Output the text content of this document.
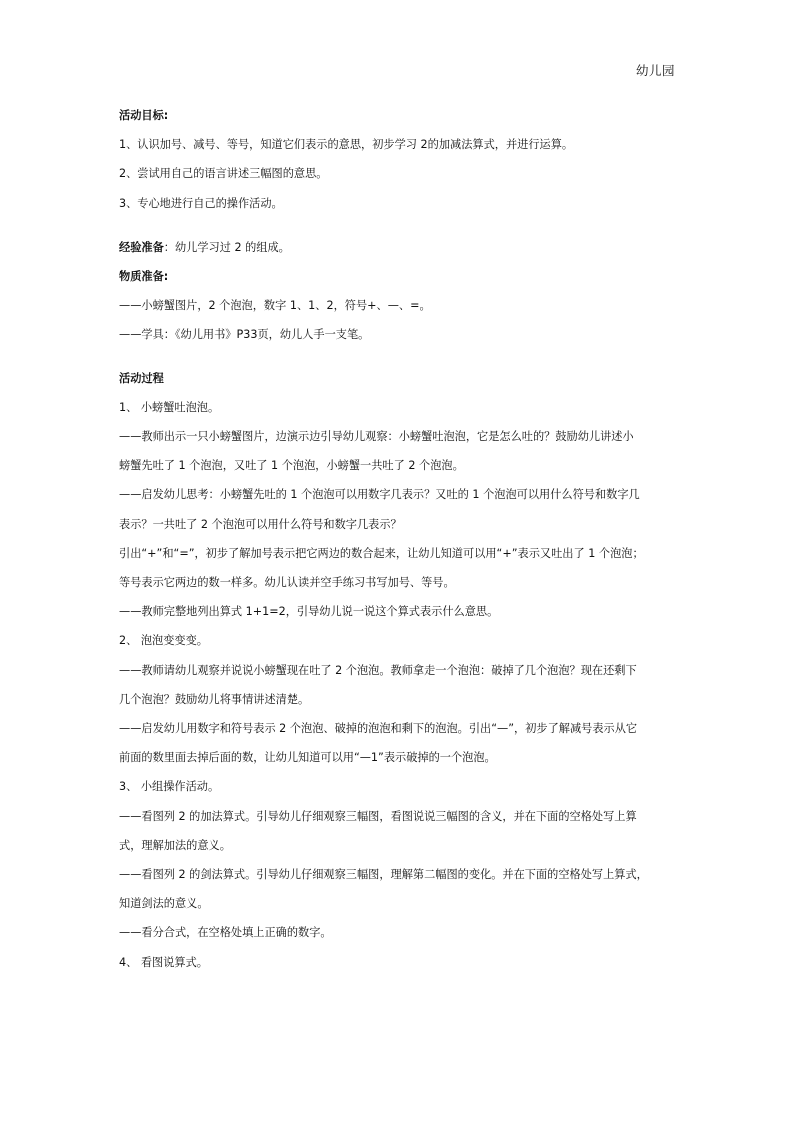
幼儿园
活动目标:
1、认识加号、减号、等号，知道它们表示的意思，初步学习 2的加减法算式，并进行运算。
2、尝试用自己的语言讲述三幅图的意思。
3、专心地进行自己的操作活动。
经验准备：幼儿学习过 2 的组成。
物质准备:
——小螃蟹图片，2 个泡泡，数字 1、1、2，符号+、—、=。
——学具：《幼儿用书》P33页，幼儿人手一支笔。
活动过程
1、 小螃蟹吐泡泡。
——教师出示一只小螃蟹图片，边演示边引导幼儿观察：小螃蟹吐泡泡，它是怎么吐的？鼓励幼儿讲述小
螃蟹先吐了 1 个泡泡，又吐了 1 个泡泡，小螃蟹一共吐了 2 个泡泡。
——启发幼儿思考：小螃蟹先吐的 1 个泡泡可以用数字几表示？又吐的 1 个泡泡可以用什么符号和数字几
表示？一共吐了 2 个泡泡可以用什么符号和数字几表示？
引出“+”和“=”，初步了解加号表示把它两边的数合起来，让幼儿知道可以用“+”表示又吐出了 1 个泡泡；
等号表示它两边的数一样多。幼儿认读并空手练习书写加号、等号。
——教师完整地列出算式 1+1=2，引导幼儿说一说这个算式表示什么意思。
2、 泡泡变变变。
——教师请幼儿观察并说说小螃蟹现在吐了 2 个泡泡。教师拿走一个泡泡：破掉了几个泡泡？现在还剩下
几个泡泡？鼓励幼儿将事情讲述清楚。
——启发幼儿用数字和符号表示 2 个泡泡、破掉的泡泡和剩下的泡泡。引出“—”，初步了解减号表示从它
前面的数里面去掉后面的数，让幼儿知道可以用“—1”表示破掉的一个泡泡。
3、 小组操作活动。
——看图列 2 的加法算式。引导幼儿仔细观察三幅图，看图说说三幅图的含义，并在下面的空格处写上算
式，理解加法的意义。
——看图列 2 的剑法算式。引导幼儿仔细观察三幅图，理解第二幅图的变化。并在下面的空格处写上算式，
知道剑法的意义。
——看分合式，在空格处填上正确的数字。
4、 看图说算式。
